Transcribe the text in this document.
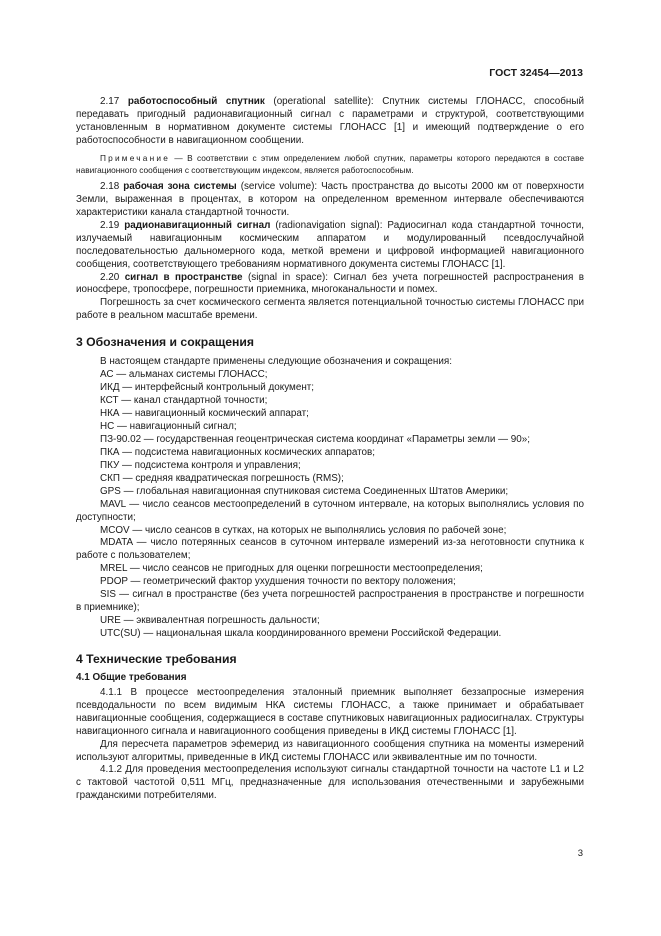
ГОСТ 32454—2013

2.17 работоспособный спутник (operational satellite): Спутник системы ГЛОНАСС, способный передавать пригодный радионавигационный сигнал с параметрами и структурой, соответствующими установленным в нормативном документе системы ГЛОНАСС [1] и имеющий подтверждение о его работоспособности в навигационном сообщении.

Примечание — В соответствии с этим определением любой спутник, параметры которого передаются в составе навигационного сообщения с соответствующим индексом, является работоспособным.

2.18 рабочая зона системы (service volume): Часть пространства до высоты 2000 км от поверхности Земли, выраженная в процентах, в котором на определенном временном интервале обеспечиваются характеристики канала стандартной точности.

2.19 радионавигационный сигнал (radionavigation signal): Радиосигнал кода стандартной точности, излучаемый навигационным космическим аппаратом и модулированный псевдослучайной последовательностью дальномерного кода, меткой времени и цифровой информацией навигационного сообщения, соответствующего требованиям нормативного документа системы ГЛОНАСС [1].

2.20 сигнал в пространстве (signal in space): Сигнал без учета погрешностей распространения в ионосфере, тропосфере, погрешности приемника, многоканальности и помех.

Погрешность за счет космического сегмента является потенциальной точностью системы ГЛОНАСС при работе в реальном масштабе времени.

3 Обозначения и сокращения

В настоящем стандарте применены следующие обозначения и сокращения:

АС — альманах системы ГЛОНАСС;

ИКД — интерфейсный контрольный документ;

КСТ — канал стандартной точности;

НКА — навигационный космический аппарат;

НС — навигационный сигнал;

ПЗ-90.02 — государственная геоцентрическая система координат «Параметры земли — 90»;

ПКА — подсистема навигационных космических аппаратов;

ПКУ — подсистема контроля и управления;

СКП — средняя квадратическая погрешность (RMS);

GPS — глобальная навигационная спутниковая система Соединенных Штатов Америки;

MAVL — число сеансов местоопределений в суточном интервале, на которых выполнялись условия по доступности;

MCOV — число сеансов в сутках, на которых не выполнялись условия по рабочей зоне;

MDATA — число потерянных сеансов в суточном интервале измерений из-за неготовности спутника к работе с пользователем;

MREL — число сеансов не пригодных для оценки погрешности местоопределения;

PDOP — геометрический фактор ухудшения точности по вектору положения;

SIS — сигнал в пространстве (без учета погрешностей распространения в пространстве и погрешности в приемнике);

URE — эквивалентная погрешность дальности;

UTC(SU) — национальная шкала координированного времени Российской Федерации.

4 Технические требования
4.1 Общие требования

4.1.1 В процессе местоопределения эталонный приемник выполняет беззапросные измерения псевдодальности по всем видимым НКА системы ГЛОНАСС, а также принимает и обрабатывает навигационные сообщения, содержащиеся в составе спутниковых навигационных радиосигналах. Структуры навигационного сигнала и навигационного сообщения приведены в ИКД системы ГЛОНАСС [1].

Для пересчета параметров эфемерид из навигационного сообщения спутника на моменты измерений используют алгоритмы, приведенные в ИКД системы ГЛОНАСС или эквивалентные им по точности.

4.1.2 Для проведения местоопределения используют сигналы стандартной точности на частоте L1 и L2 с тактовой частотой 0,511 МГц, предназначенные для использования отечественными и зарубежными гражданскими потребителями.

3
